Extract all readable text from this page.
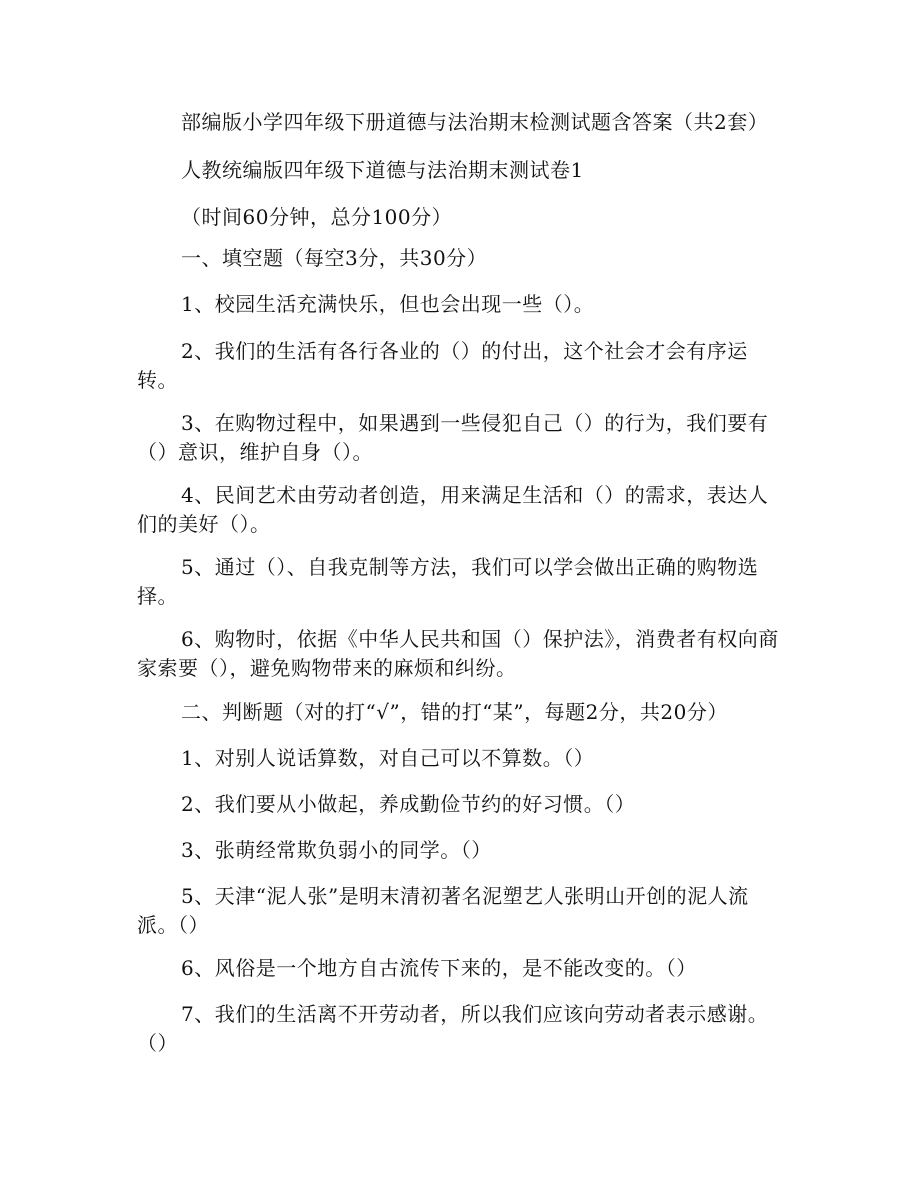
部编版小学四年级下册道德与法治期末检测试题含答案（共2套）
人教统编版四年级下道德与法治期末测试卷1
（时间60分钟，总分100分）
一、填空题（每空3分，共30分）
1、校园生活充满快乐，但也会出现一些（）。
2、我们的生活有各行各业的（）的付出，这个社会才会有序运转。
3、在购物过程中，如果遇到一些侵犯自己（）的行为，我们要有（）意识，维护自身（）。
4、民间艺术由劳动者创造，用来满足生活和（）的需求，表达人们的美好（）。
5、通过（）、自我克制等方法，我们可以学会做出正确的购物选择。
6、购物时，依据《中华人民共和国（）保护法》，消费者有权向商家索要（），避免购物带来的麻烦和纠纷。
二、判断题（对的打“√”，错的打“某”，每题2分，共20分）
1、对别人说话算数，对自己可以不算数。（）
2、我们要从小做起，养成勤俭节约的好习惯。（）
3、张萌经常欺负弱小的同学。（）
5、天津“泥人张”是明末清初著名泥塑艺人张明山开创的泥人流派。（）
6、风俗是一个地方自古流传下来的，是不能改变的。（）
7、我们的生活离不开劳动者，所以我们应该向劳动者表示感谢。（）
